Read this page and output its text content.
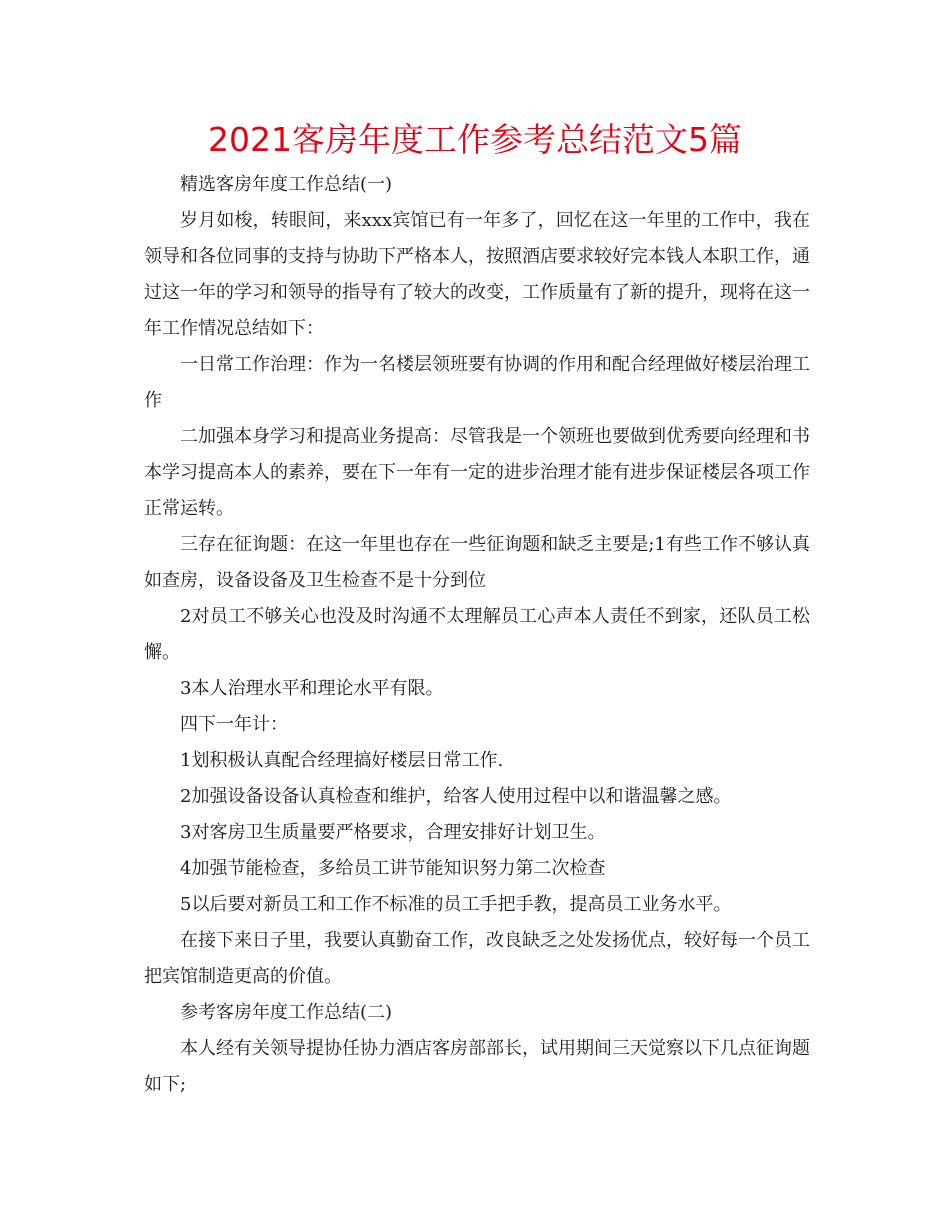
2021客房年度工作参考总结范文5篇

精选客房年度工作总结(一)

岁月如梭，转眼间，来xxx宾馆已有一年多了，回忆在这一年里的工作中，我在领导和各位同事的支持与协助下严格本人，按照酒店要求较好完本钱人本职工作，通过这一年的学习和领导的指导有了较大的改变，工作质量有了新的提升，现将在这一年工作情况总结如下：

一日常工作治理：作为一名楼层领班要有协调的作用和配合经理做好楼层治理工作

二加强本身学习和提高业务提高：尽管我是一个领班也要做到优秀要向经理和书本学习提高本人的素养，要在下一年有一定的进步治理才能有进步保证楼层各项工作正常运转。

三存在征询题：在这一年里也存在一些征询题和缺乏主要是;1有些工作不够认真如查房，设备设备及卫生检查不是十分到位

2对员工不够关心也没及时沟通不太理解员工心声本人责任不到家，还队员工松懈。

3本人治理水平和理论水平有限。

四下一年计：

1划积极认真配合经理搞好楼层日常工作.

2加强设备设备认真检查和维护，给客人使用过程中以和谐温馨之感。

3对客房卫生质量要严格要求，合理安排好计划卫生。

4加强节能检查，多给员工讲节能知识努力第二次检查

5以后要对新员工和工作不标准的员工手把手教，提高员工业务水平。

在接下来日子里，我要认真勤奋工作，改良缺乏之处发扬优点，较好每一个员工把宾馆制造更高的价值。

参考客房年度工作总结(二)

本人经有关领导提协任协力酒店客房部部长，试用期间三天觉察以下几点征询题如下;
